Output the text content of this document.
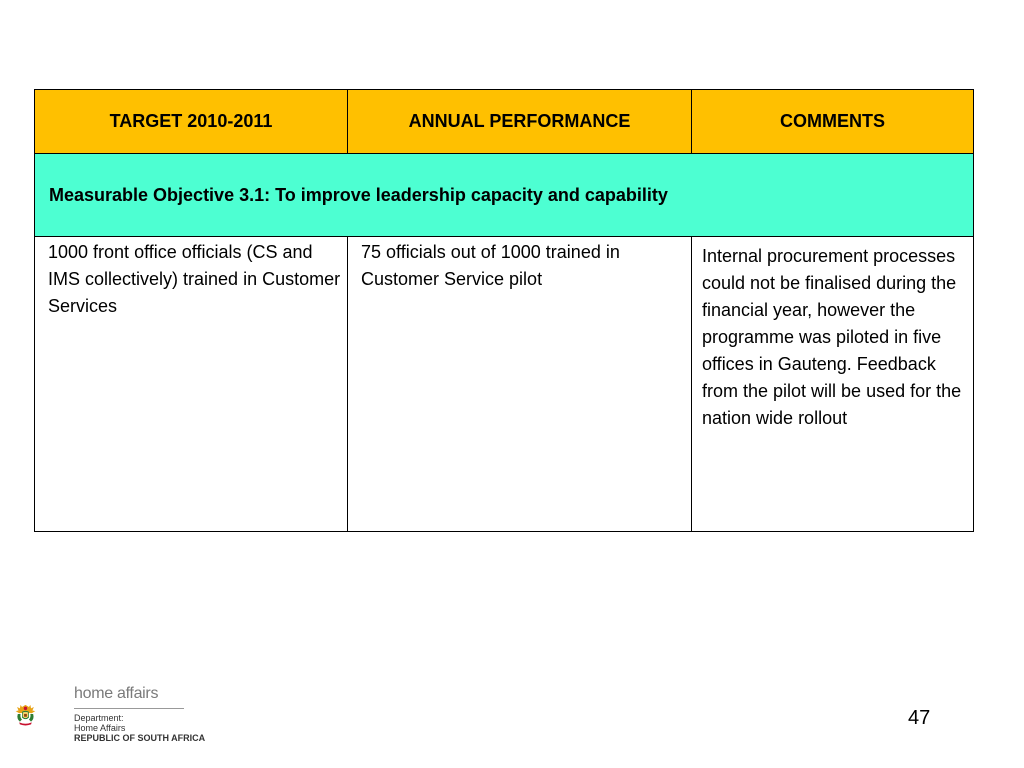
TARGET 2010-2011	ANNUAL PERFORMANCE	COMMENTS
Measurable Objective 3.1: To improve leadership capacity and capability		
1000 front office officials (CS and IMS collectively) trained in Customer Services	75 officials out of 1000 trained in Customer Service pilot	Internal procurement processes could not be finalised during the financial year, however the programme was piloted in five offices in Gauteng. Feedback from the pilot will be used for the nation wide rollout
home affairs
Department:
Home Affairs
REPUBLIC OF SOUTH AFRICA
47
